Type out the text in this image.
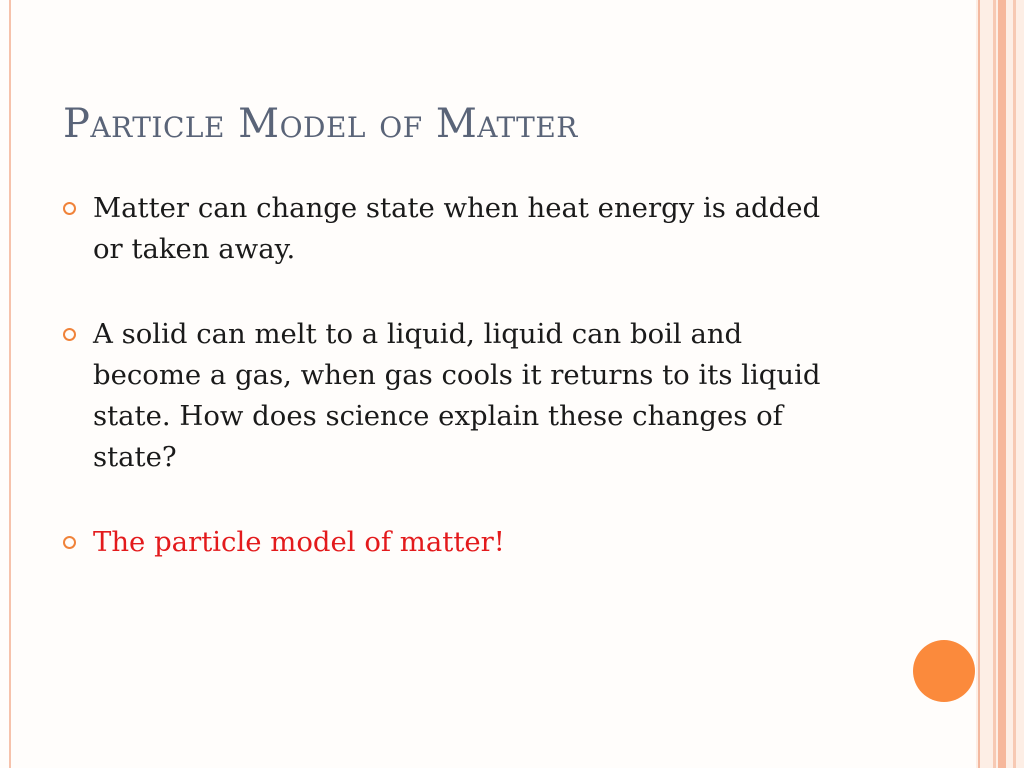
Particle Model of Matter

Matter can change state when heat energy is added or taken away.

A solid can melt to a liquid, liquid can boil and become a gas, when gas cools it returns to its liquid state. How does science explain these changes of state?

The particle model of matter!
